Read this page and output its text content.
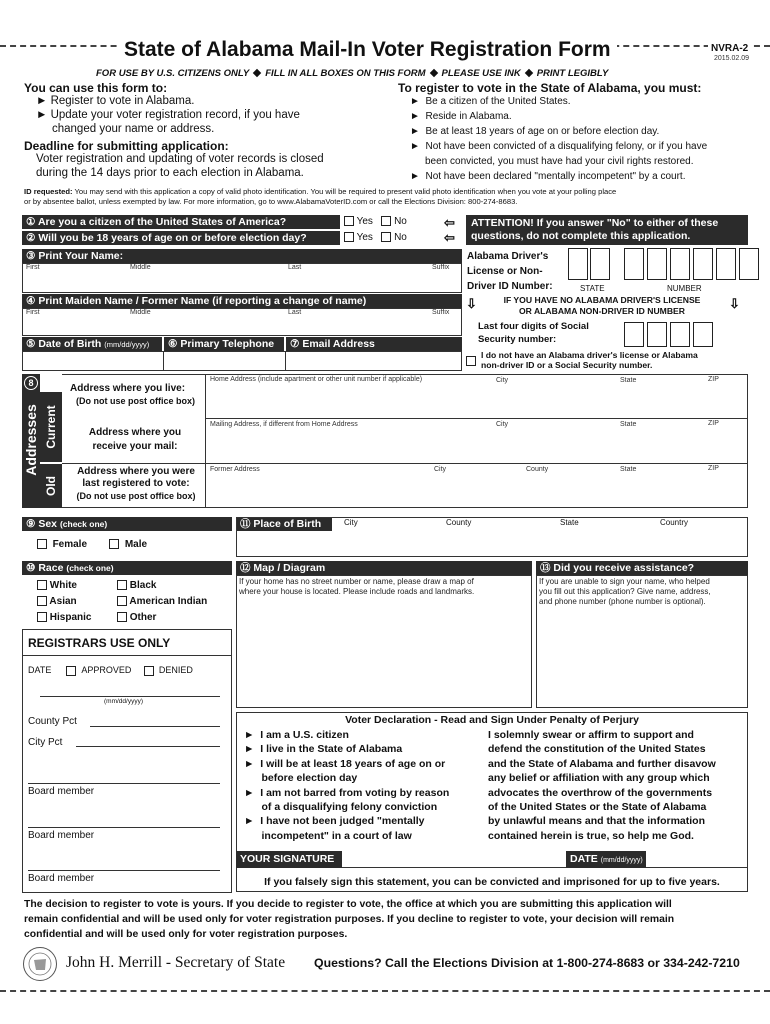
State of Alabama Mail-In Voter Registration Form	NVRA-2
2015.02.09
FOR USE BY U.S. CITIZENS ONLY FILL IN ALL BOXES ON THIS FORM PLEASE USE INK PRINT LEGIBLY
You can use this form to:
► Register to vote in Alabama.
► Update your voter registration record, if you have
changed your name or address.
Deadline for submitting application:
Voter registration and updating of voter records is closed
during the 14 days prior to each election in Alabama.
To register to vote in the State of Alabama, you must:
►  Be a citizen of the United States.
►  Reside in Alabama.
►  Be at least 18 years of age on or before election day.
►  Not have been convicted of a disqualifying felony, or if you have
been convicted, you must have had your civil rights restored.
►  Not have been declared "mentally incompetent" by a court.
ID requested: You may send with this application a copy of valid photo identification. You will be required to present valid photo identification when you vote at your polling place
or by absentee ballot, unless exempted by law. For more information, go to www.AlabamaVoterID.com or call the Elections Division: 800-274-8683.
① Are you a citizen of the United States of America?	Yes No
② Will you be 18 years of age on or before election day?	Yes No
⇦
⇦
ATTENTION! If you answer "No" to either of these
questions, do not complete this application.
③ Print Your Name:
First	Middle	Last	Suffix
④ Print Maiden Name / Former Name (if reporting a change of name)
First	Middle	Last	Suffix
Alabama Driver's
License or Non-
Driver ID Number:	STATE	NUMBER
⇩	⇩
IF YOU HAVE NO ALABAMA DRIVER'S LICENSE
OR ALABAMA NON-DRIVER ID NUMBER
Last four digits of Social
Security number:
I do not have an Alabama driver's license or Alabama
non-driver ID or a Social Security number.
⑤ Date of Birth (mm/dd/yyyy)	⑥ Primary Telephone	⑦ Email Address
8
Addresses Current
Old
Address where you live:
(Do not use post office box)
Address where you
receive your mail:
Address where you were
last registered to vote:
(Do not use post office box)
Home Address (include apartment or other unit number if applicable)	City	State	ZIP
Mailing Address, if different from Home Address	City	State	ZIP
Former Address	City	County	State	ZIP
⑨ Sex (check one)
Female	Male
⑩ Race (check one)
White
Asian
Hispanic
Black
American Indian
Other
⑪ Place of Birth	City	County	State	Country
⑫ Map / Diagram
If your home has no street number or name, please draw a map of
where your house is located. Please include roads and landmarks.
⑬ Did you receive assistance?
If you are unable to sign your name, who helped
you fill out this application? Give name, address,
and phone number (phone number is optional).
REGISTRARS USE ONLY
DATE	APPROVED	DENIED
(mm/dd/yyyy)
County Pct
City Pct
Board member
Board member
Board member
Voter Declaration - Read and Sign Under Penalty of Perjury
►  I am a U.S. citizen
►  I live in the State of Alabama
►  I will be at least 18 years of age on or
before election day
►  I am not barred from voting by reason
of a disqualifying felony conviction
►  I have not been judged "mentally
incompetent" in a court of law
I solemnly swear or affirm to support and
defend the constitution of the United States
and the State of Alabama and further disavow
any belief or affiliation with any group which
advocates the overthrow of the governments
of the United States or the State of Alabama
by unlawful means and that the information
contained herein is true, so help me God.
YOUR SIGNATURE	DATE (mm/dd/yyyy)
If you falsely sign this statement, you can be convicted and imprisoned for up to five years.
The decision to register to vote is yours. If you decide to register to vote, the office at which you are submitting this application will
remain confidential and will be used only for voter registration purposes. If you decline to register to vote, your decision will remain
confidential and will be used only for voter registration purposes.
John H. Merrill - Secretary of State Questions? Call the Elections Division at 1-800-274-8683 or 334-242-7210
